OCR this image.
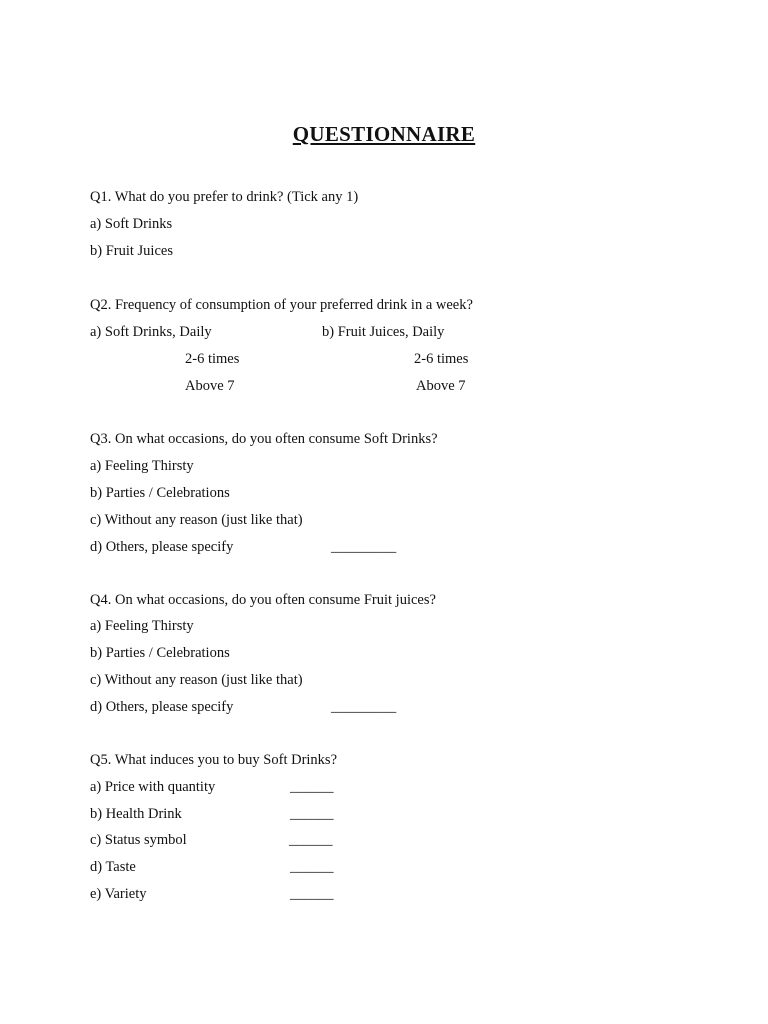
QUESTIONNAIRE
Q1. What do you prefer to drink? (Tick any 1)
a) Soft Drinks
b) Fruit Juices
Q2. Frequency of consumption of your preferred drink in a week?
a) Soft Drinks, Daily	b) Fruit Juices, Daily
2-6 times	2-6 times
Above 7	Above 7
Q3. On what occasions, do you often consume Soft Drinks?
a) Feeling Thirsty
b) Parties / Celebrations
c) Without any reason (just like that)
d) Others, please specify	_________
Q4. On what occasions, do you often consume Fruit juices?
a) Feeling Thirsty
b) Parties / Celebrations
c) Without any reason (just like that)
d) Others, please specify	_________
Q5. What induces you to buy Soft Drinks?
a) Price with quantity	______
b) Health Drink	______
c) Status symbol	______
d) Taste	______
e) Variety	______
